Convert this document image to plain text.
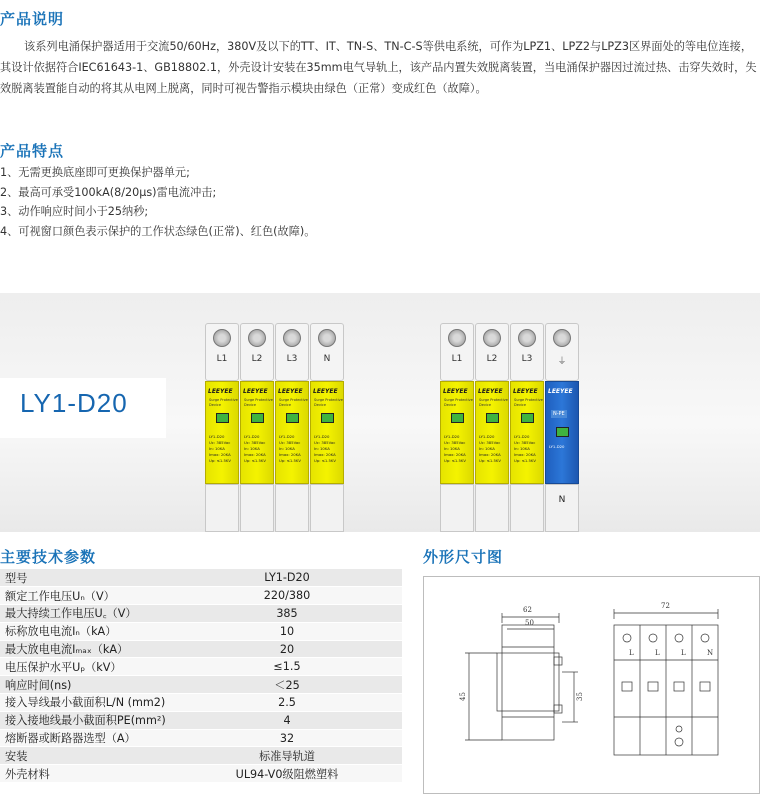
产品说明
该系列电涌保护器适用于交流50/60Hz，380V及以下的TT、IT、TN-S、TN-C-S等供电系统，可作为LPZ1、LPZ2与LPZ3区界面处的等电位连接，其设计依据符合IEC61643-1、GB18802.1，外壳设计安装在35mm电气导轨上，该产品内置失效脱离装置，当电涌保护器因过流过热、击穿失效时，失效脱离装置能自动的将其从电网上脱离，同时可视告警指示模块由绿色（正常）变成红色（故障）。
产品特点
1、无需更换底座即可更换保护器单元;
2、最高可承受100kA(8/20μs)雷电流冲击;
3、动作响应时间小于25纳秒;
4、可视窗口颜色表示保护的工作状态绿色(正常)、红色(故障)。
LY1-D20
L1
LEEYEE
Surge Protective Device
LY1-D20
Uc: 385Vac
In: 10KA
Imax: 20KA
Up: ≤1.5KV
L2
LEEYEE
Surge Protective Device
LY1-D20
Uc: 385Vac
In: 10KA
Imax: 20KA
Up: ≤1.5KV
L3
LEEYEE
Surge Protective Device
LY1-D20
Uc: 385Vac
In: 10KA
Imax: 20KA
Up: ≤1.5KV
N
LEEYEE
Surge Protective Device
LY1-D20
Uc: 385Vac
In: 10KA
Imax: 20KA
Up: ≤1.5KV
L1
LEEYEE
Surge Protective Device
LY1-D20
Uc: 385Vac
In: 10KA
Imax: 20KA
Up: ≤1.5KV
L2
LEEYEE
Surge Protective Device
LY1-D20
Uc: 385Vac
In: 10KA
Imax: 20KA
Up: ≤1.5KV
L3
LEEYEE
Surge Protective Device
LY1-D20
Uc: 385Vac
In: 10KA
Imax: 20KA
Up: ≤1.5KV
⏚
LEEYEE
N-PE
LY1-D20
N
主要技术参数
型号	LY1-D20
额定工作电压Uₙ（V）	220/380
最大持续工作电压U꜀（V）	385
标称放电电流Iₙ（kA）	10
最大放电电流Iₘₐₓ（kA）	20
电压保护水平Uₚ（kV）	≤1.5
响应时间(ns)	＜25
接入导线最小截面积L/N (mm2)	2.5
接入接地线最小截面积PE(mm²)	4
熔断器或断路器选型（A）	32
安装	标准导轨道
外壳材料	UL94-V0级阻燃塑料
外形尺寸图
62
50
45	35
72
L	L	L	N
